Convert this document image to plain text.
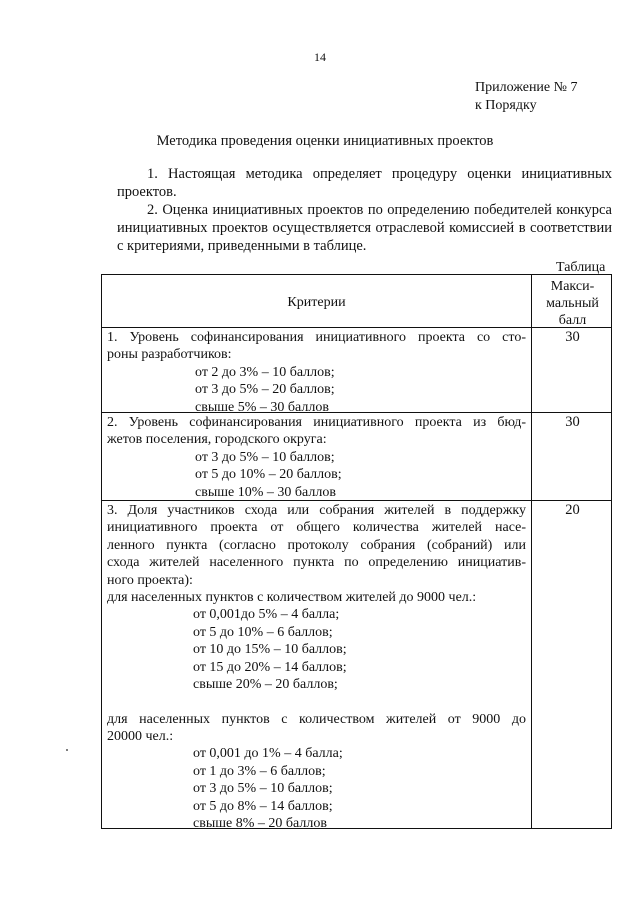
14
Приложение № 7
к Порядку
Методика проведения оценки инициативных проектов
1. Настоящая методика определяет процедуру оценки инициативных проектов.
2. Оценка инициативных проектов по определению победителей конкурса инициативных проектов осуществляется отраслевой комиссией в соответствии с критериями, приведенными в таблице.
Таблица
Критерии
Макси-
мальный
балл
1. Уровень софинансирования инициативного проекта со сто-
роны разработчиков:
от 2 до 3% – 10 баллов;
от 3 до 5% – 20 баллов;
свыше 5% – 30 баллов
30
2. Уровень софинансирования инициативного проекта из бюд-
жетов поселения, городского округа:
от 3 до 5% – 10 баллов;
от 5 до 10% – 20 баллов;
свыше 10% – 30 баллов
30
3. Доля участников схода или собрания жителей в поддержку
инициативного проекта от общего количества жителей насе-
ленного пункта (согласно протоколу собрания (собраний) или
схода жителей населенного пункта по определению инициатив-
ного проекта):
для населенных пунктов с количеством жителей до 9000 чел.:
от 0,001до 5% – 4 балла;
от 5 до 10% – 6 баллов;
от 10 до 15% – 10 баллов;
от 15 до 20% – 14 баллов;
свыше 20% – 20 баллов;
для населенных пунктов с количеством жителей от 9000 до
20000 чел.:
от 0,001 до 1% – 4 балла;
от 1 до 3% – 6 баллов;
от 3 до 5% – 10 баллов;
от 5 до 8% – 14 баллов;
свыше 8% – 20 баллов
20
